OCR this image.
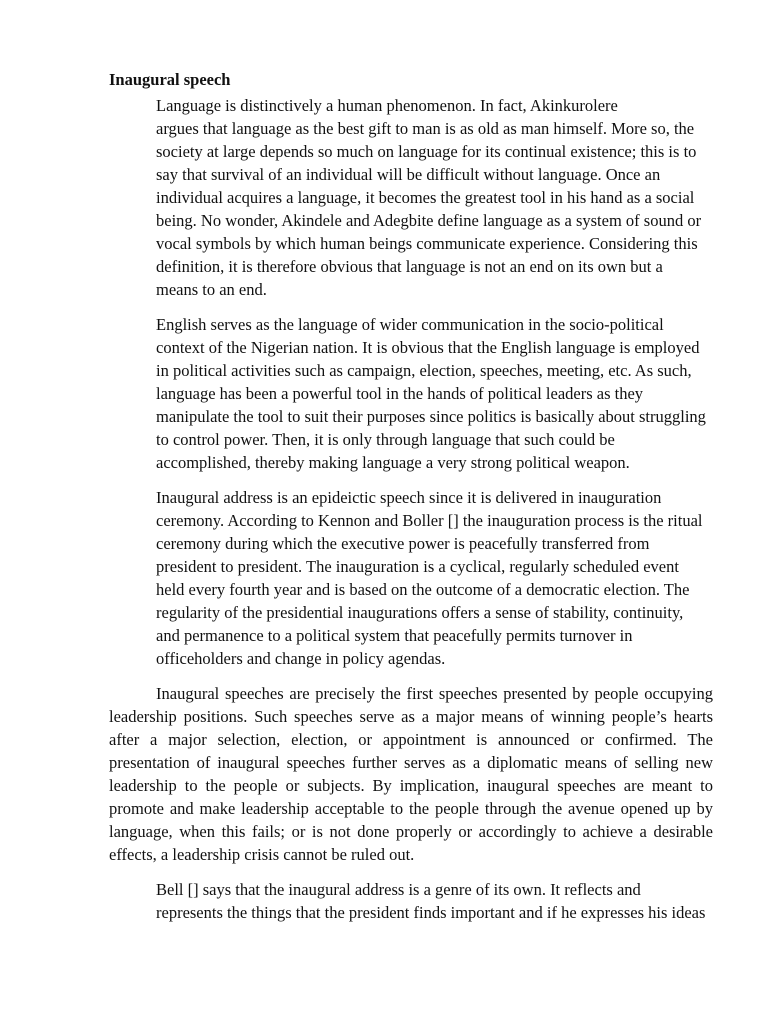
Inaugural speech

Language is distinctively a human phenomenon. In fact, Akinkurolere
argues that language as the best gift to man is as old as man himself. More so, the
society at large depends so much on language for its continual existence; this is to
say that survival of an individual will be difficult without language. Once an
individual acquires a language, it becomes the greatest tool in his hand as a social
being. No wonder, Akindele and Adegbite define language as a system of sound or
vocal symbols by which human beings communicate experience. Considering this
definition, it is therefore obvious that language is not an end on its own but a
means to an end.

English serves as the language of wider communication in the socio-political
context of the Nigerian nation. It is obvious that the English language is employed
in political activities such as campaign, election, speeches, meeting, etc. As such,
language has been a powerful tool in the hands of political leaders as they
manipulate the tool to suit their purposes since politics is basically about struggling
to control power. Then, it is only through language that such could be
accomplished, thereby making language a very strong political weapon.

Inaugural address is an epideictic speech since it is delivered in inauguration
ceremony. According to Kennon and Boller [] the inauguration process is the ritual
ceremony during which the executive power is peacefully transferred from
president to president. The inauguration is a cyclical, regularly scheduled event
held every fourth year and is based on the outcome of a democratic election. The
regularity of the presidential inaugurations offers a sense of stability, continuity,
and permanence to a political system that peacefully permits turnover in
officeholders and change in policy agendas.

Inaugural speeches are precisely the first speeches presented by people occupying leadership positions. Such speeches serve as a major means of winning people’s hearts after a major selection, election, or appointment is announced or confirmed. The presentation of inaugural speeches further serves as a diplomatic means of selling new leadership to the people or subjects. By implication, inaugural speeches are meant to promote and make leadership acceptable to the people through the avenue opened up by language, when this fails; or is not done properly or accordingly to achieve a desirable effects, a leadership crisis cannot be ruled out.

Bell [] says that the inaugural address is a genre of its own. It reflects and
represents the things that the president finds important and if he expresses his ideas
